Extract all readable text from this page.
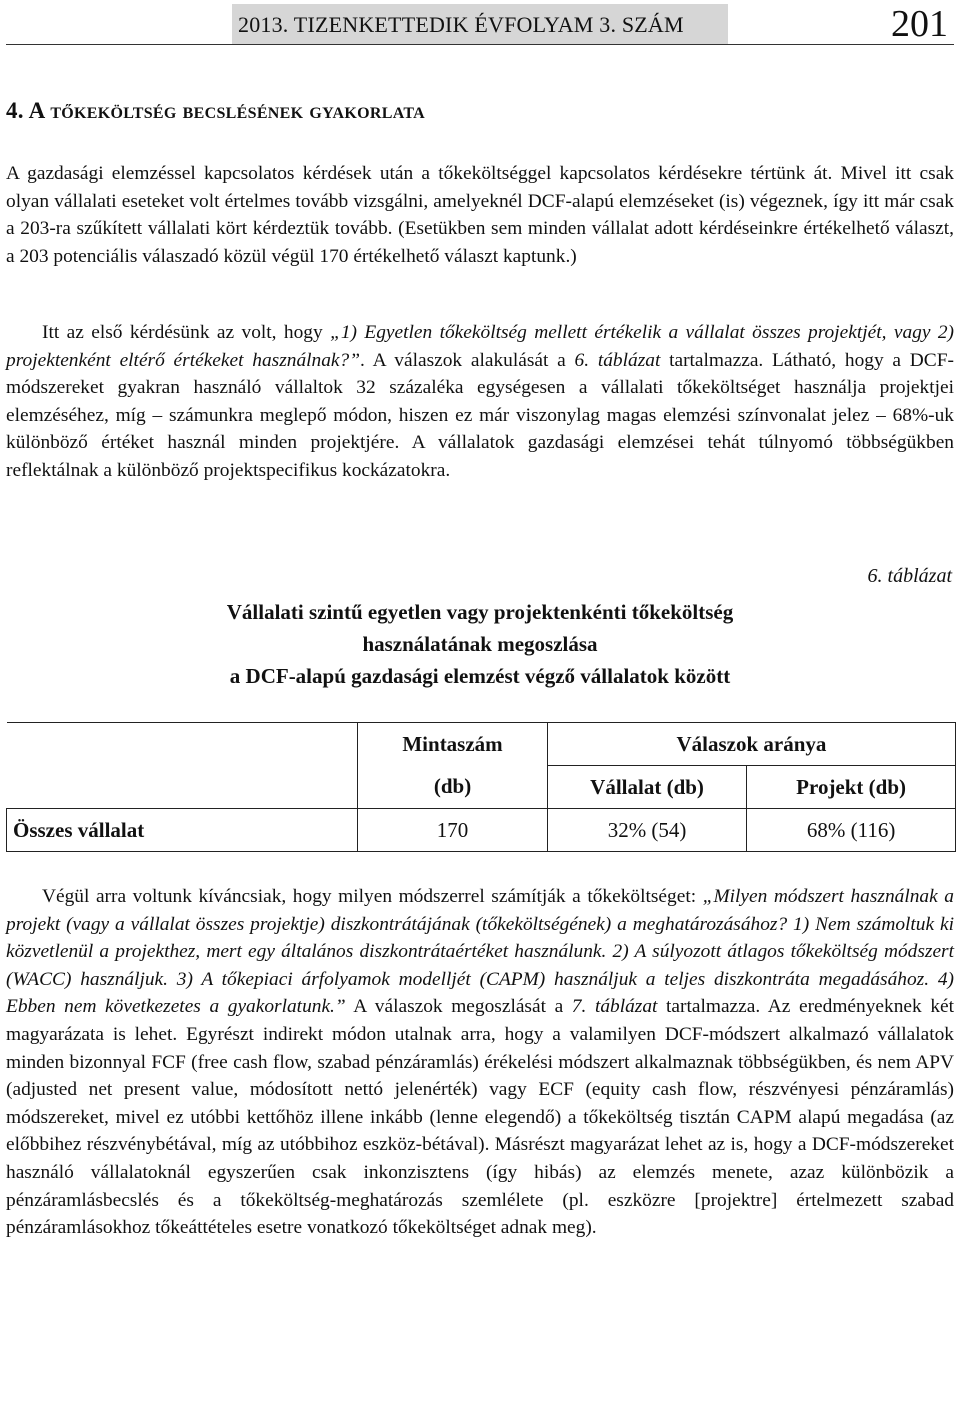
2013. TIZENKETTEDIK ÉVFOLYAM 3. SZÁM	201
4. A tőkeköltség becslésének gyakorlata

A gazdasági elemzéssel kapcsolatos kérdések után a tőkeköltséggel kapcsolatos kérdésekre tértünk át. Mivel itt csak olyan vállalati eseteket volt értelmes tovább vizsgálni, amelyeknél DCF-alapú elemzéseket (is) végeznek, így itt már csak a 203-ra szűkített vállalati kört kérdeztük tovább. (Esetükben sem minden vállalat adott kérdéseinkre értékelhető választ, a 203 potenciális válaszadó közül végül 170 értékelhető választ kaptunk.)

Itt az első kérdésünk az volt, hogy „1) Egyetlen tőkeköltség mellett értékelik a vállalat összes projektjét, vagy 2) projektenként eltérő értékeket használnak?”. A válaszok alakulását a 6. táblázat tartalmazza. Látható, hogy a DCF-módszereket gyakran használó vállaltok 32 százaléka egységesen a vállalati tőkeköltséget használja projektjei elemzéséhez, míg – számunkra meglepő módon, hiszen ez már viszonylag magas elemzési színvonalat jelez – 68%-uk különböző értéket használ minden projektjére. A vállalatok gazdasági elemzései tehát túlnyomó többségükben reflektálnak a különböző projektspecifikus kockázatokra.

6. táblázat
Vállalati szintű egyetlen vagy projektenkénti tőkeköltség
használatának megoszlása
a DCF-alapú gazdasági elemzést végző vállalatok között
	Mintaszám	Válaszok aránya	
	(db)	Vállalat (db)	Projekt (db)
Összes vállalat	170	32% (54)	68% (116)

Végül arra voltunk kíváncsiak, hogy milyen módszerrel számítják a tőkeköltséget: „Milyen módszert használnak a projekt (vagy a vállalat összes projektje) diszkontrátájának (tőkeköltségének) a meghatározásához? 1) Nem számoltuk ki közvetlenül a projekthez, mert egy általános diszkontrátaértéket használunk. 2) A súlyozott átlagos tőkeköltség módszert (WACC) használjuk. 3) A tőkepiaci árfolyamok modelljét (CAPM) használjuk a teljes diszkontráta megadásához. 4) Ebben nem következetes a gyakorlatunk.” A válaszok megoszlását a 7. táblázat tartalmazza. Az eredményeknek két magyarázata is lehet. Egyrészt indirekt módon utalnak arra, hogy a valamilyen DCF-módszert alkalmazó vállalatok minden bizonnyal FCF (free cash flow, szabad pénzáramlás) érékelési módszert alkalmaznak többségükben, és nem APV (adjusted net present value, módosított nettó jelenérték) vagy ECF (equity cash flow, részvényesi pénzáramlás) módszereket, mivel ez utóbbi kettőhöz illene inkább (lenne elegendő) a tőkeköltség tisztán CAPM alapú megadása (az előbbihez részvénybétával, míg az utóbbihoz eszköz-bétával). Másrészt magyarázat lehet az is, hogy a DCF-módszereket használó vállalatoknál egyszerűen csak inkonzisztens (így hibás) az elemzés menete, azaz különbözik a pénzáramlásbecslés és a tőkeköltség-meghatározás szemlélete (pl. eszközre [projektre] értelmezett szabad pénzáramlásokhoz tőkeáttételes esetre vonatkozó tőkeköltséget adnak meg).
